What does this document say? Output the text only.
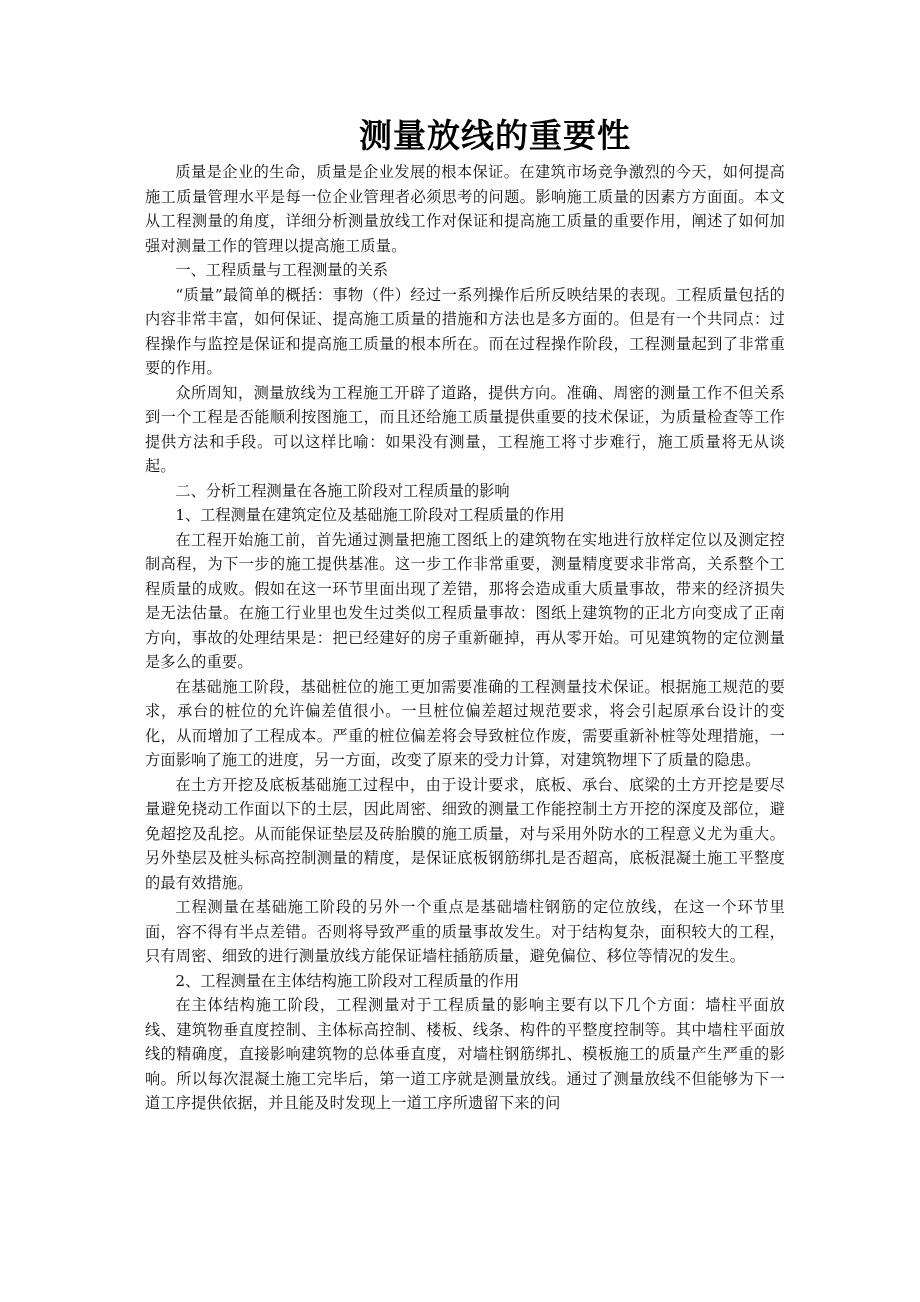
测量放线的重要性

质量是企业的生命，质量是企业发展的根本保证。在建筑市场竞争激烈的今天，如何提高施工质量管理水平是每一位企业管理者必须思考的问题。影响施工质量的因素方方面面。本文从工程测量的角度，详细分析测量放线工作对保证和提高施工质量的重要作用，阐述了如何加强对测量工作的管理以提高施工质量。

一、工程质量与工程测量的关系

“质量”最简单的概括：事物（件）经过一系列操作后所反映结果的表现。工程质量包括的内容非常丰富，如何保证、提高施工质量的措施和方法也是多方面的。但是有一个共同点：过程操作与监控是保证和提高施工质量的根本所在。而在过程操作阶段，工程测量起到了非常重要的作用。

众所周知，测量放线为工程施工开辟了道路，提供方向。准确、周密的测量工作不但关系到一个工程是否能顺利按图施工，而且还给施工质量提供重要的技术保证，为质量检查等工作提供方法和手段。可以这样比喻：如果没有测量，工程施工将寸步难行，施工质量将无从谈起。

二、分析工程测量在各施工阶段对工程质量的影响

1、工程测量在建筑定位及基础施工阶段对工程质量的作用

在工程开始施工前，首先通过测量把施工图纸上的建筑物在实地进行放样定位以及测定控制高程，为下一步的施工提供基准。这一步工作非常重要，测量精度要求非常高，关系整个工程质量的成败。假如在这一环节里面出现了差错，那将会造成重大质量事故，带来的经济损失是无法估量。在施工行业里也发生过类似工程质量事故：图纸上建筑物的正北方向变成了正南方向，事故的处理结果是：把已经建好的房子重新砸掉，再从零开始。可见建筑物的定位测量是多么的重要。

在基础施工阶段，基础桩位的施工更加需要准确的工程测量技术保证。根据施工规范的要求，承台的桩位的允许偏差值很小。一旦桩位偏差超过规范要求，将会引起原承台设计的变化，从而增加了工程成本。严重的桩位偏差将会导致桩位作废，需要重新补桩等处理措施，一方面影响了施工的进度，另一方面，改变了原来的受力计算，对建筑物埋下了质量的隐患。

在土方开挖及底板基础施工过程中，由于设计要求，底板、承台、底梁的土方开挖是要尽量避免挠动工作面以下的土层，因此周密、细致的测量工作能控制土方开挖的深度及部位，避免超挖及乱挖。从而能保证垫层及砖胎膜的施工质量，对与采用外防水的工程意义尤为重大。另外垫层及桩头标高控制测量的精度，是保证底板钢筋绑扎是否超高，底板混凝土施工平整度的最有效措施。

工程测量在基础施工阶段的另外一个重点是基础墙柱钢筋的定位放线，在这一个环节里面，容不得有半点差错。否则将导致严重的质量事故发生。对于结构复杂，面积较大的工程，只有周密、细致的进行测量放线方能保证墙柱插筋质量，避免偏位、移位等情况的发生。

2、工程测量在主体结构施工阶段对工程质量的作用

在主体结构施工阶段，工程测量对于工程质量的影响主要有以下几个方面：墙柱平面放线、建筑物垂直度控制、主体标高控制、楼板、线条、构件的平整度控制等。其中墙柱平面放线的精确度，直接影响建筑物的总体垂直度，对墙柱钢筋绑扎、模板施工的质量产生严重的影响。所以每次混凝土施工完毕后，第一道工序就是测量放线。通过了测量放线不但能够为下一道工序提供依据，并且能及时发现上一道工序所遗留下来的问
